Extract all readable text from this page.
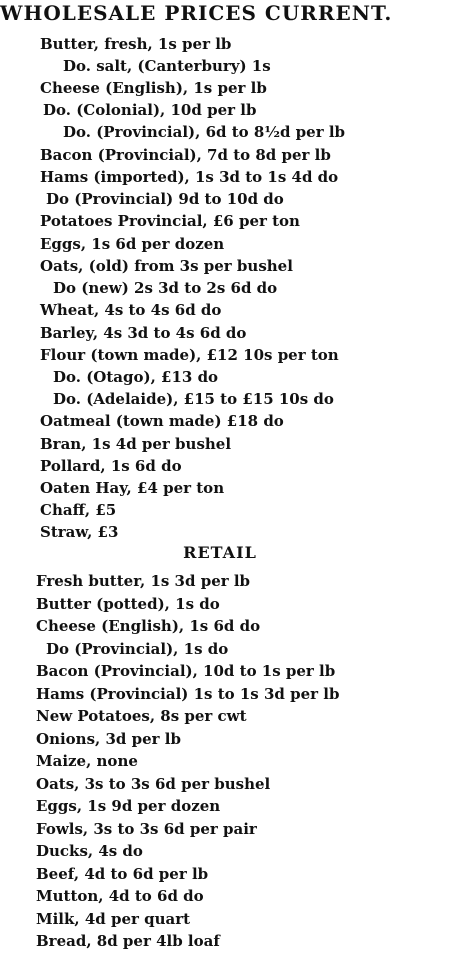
WHOLESALE PRICES CURRENT.
Butter, fresh, 1s per lb
Do. salt, (Canterbury) 1s
Cheese (English), 1s per lb
Do. (Colonial), 10d per lb
Do. (Provincial), 6d to 8½d per lb
Bacon (Provincial), 7d to 8d per lb
Hams (imported), 1s 3d to 1s 4d do
Do (Provincial) 9d to 10d do
Potatoes Provincial, £6 per ton
Eggs, 1s 6d per dozen
Oats, (old) from 3s per bushel
Do (new) 2s 3d to 2s 6d do
Wheat, 4s to 4s 6d do
Barley, 4s 3d to 4s 6d do
Flour (town made), £12 10s per ton
Do. (Otago), £13 do
Do. (Adelaide), £15 to £15 10s do
Oatmeal (town made) £18 do
Bran, 1s 4d per bushel
Pollard, 1s 6d do
Oaten Hay, £4 per ton
Chaff, £5
Straw, £3
RETAIL
Fresh butter, 1s 3d per lb
Butter (potted), 1s do
Cheese (English), 1s 6d do
Do (Provincial), 1s do
Bacon (Provincial), 10d to 1s per lb
Hams (Provincial) 1s to 1s 3d per lb
New Potatoes, 8s per cwt
Onions, 3d per lb
Maize, none
Oats, 3s to 3s 6d per bushel
Eggs, 1s 9d per dozen
Fowls, 3s to 3s 6d per pair
Ducks, 4s do
Beef, 4d to 6d per lb
Mutton, 4d to 6d do
Milk, 4d per quart
Bread, 8d per 4lb loaf
